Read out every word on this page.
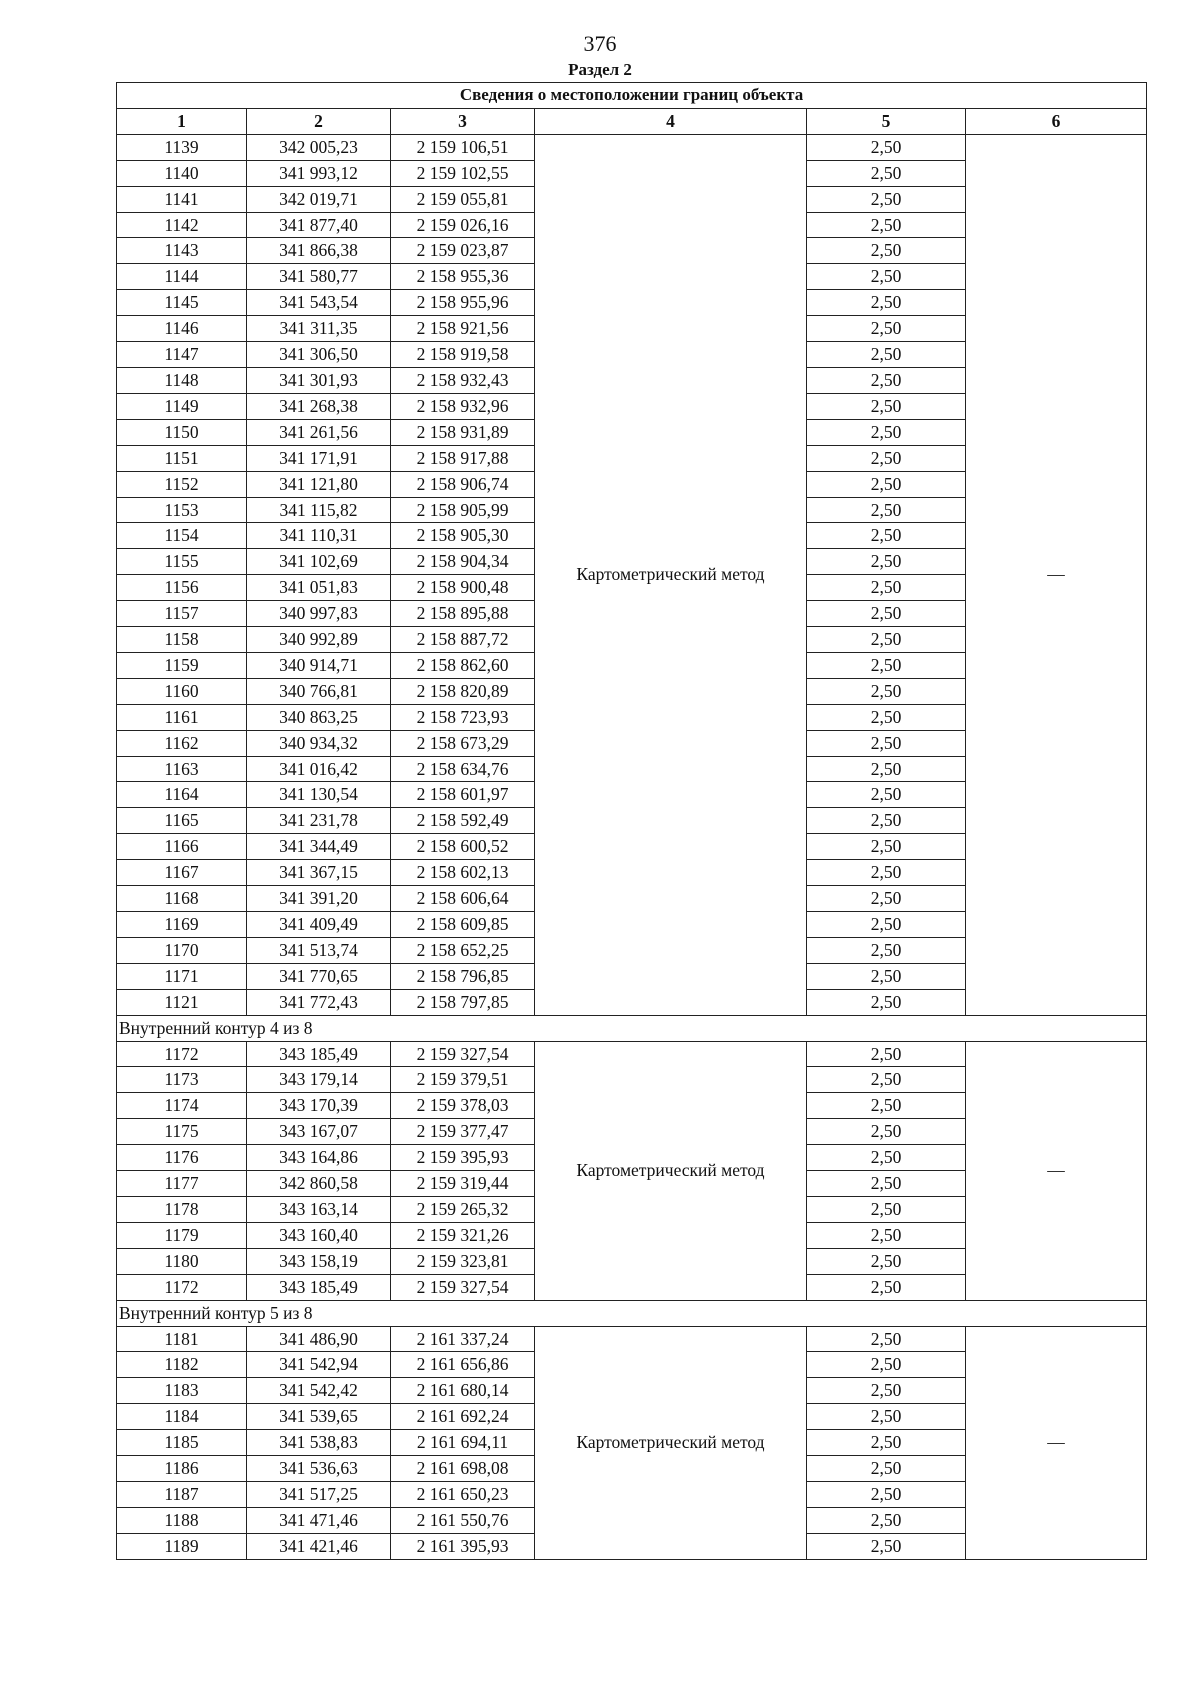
376
Раздел 2
Сведения о местоположении границ объекта					
1	2	3	4	5	6
1139	342 005,23	2 159 106,51	Картометрический метод	2,50	—
1140	341 993,12	2 159 102,55		2,50	
1141	342 019,71	2 159 055,81		2,50	
1142	341 877,40	2 159 026,16		2,50	
1143	341 866,38	2 159 023,87		2,50	
1144	341 580,77	2 158 955,36		2,50	
1145	341 543,54	2 158 955,96		2,50	
1146	341 311,35	2 158 921,56		2,50	
1147	341 306,50	2 158 919,58		2,50	
1148	341 301,93	2 158 932,43		2,50	
1149	341 268,38	2 158 932,96		2,50	
1150	341 261,56	2 158 931,89		2,50	
1151	341 171,91	2 158 917,88		2,50	
1152	341 121,80	2 158 906,74		2,50	
1153	341 115,82	2 158 905,99		2,50	
1154	341 110,31	2 158 905,30		2,50	
1155	341 102,69	2 158 904,34		2,50	
1156	341 051,83	2 158 900,48		2,50	
1157	340 997,83	2 158 895,88		2,50	
1158	340 992,89	2 158 887,72		2,50	
1159	340 914,71	2 158 862,60		2,50	
1160	340 766,81	2 158 820,89		2,50	
1161	340 863,25	2 158 723,93		2,50	
1162	340 934,32	2 158 673,29		2,50	
1163	341 016,42	2 158 634,76		2,50	
1164	341 130,54	2 158 601,97		2,50	
1165	341 231,78	2 158 592,49		2,50	
1166	341 344,49	2 158 600,52		2,50	
1167	341 367,15	2 158 602,13		2,50	
1168	341 391,20	2 158 606,64		2,50	
1169	341 409,49	2 158 609,85		2,50	
1170	341 513,74	2 158 652,25		2,50	
1171	341 770,65	2 158 796,85		2,50	
1121	341 772,43	2 158 797,85		2,50	
Внутренний контур 4 из 8					
1172	343 185,49	2 159 327,54	Картометрический метод	2,50	—
1173	343 179,14	2 159 379,51		2,50	
1174	343 170,39	2 159 378,03		2,50	
1175	343 167,07	2 159 377,47		2,50	
1176	343 164,86	2 159 395,93		2,50	
1177	342 860,58	2 159 319,44		2,50	
1178	343 163,14	2 159 265,32		2,50	
1179	343 160,40	2 159 321,26		2,50	
1180	343 158,19	2 159 323,81		2,50	
1172	343 185,49	2 159 327,54		2,50	
Внутренний контур 5 из 8					
1181	341 486,90	2 161 337,24	Картометрический метод	2,50	—
1182	341 542,94	2 161 656,86		2,50	
1183	341 542,42	2 161 680,14		2,50	
1184	341 539,65	2 161 692,24		2,50	
1185	341 538,83	2 161 694,11		2,50	
1186	341 536,63	2 161 698,08		2,50	
1187	341 517,25	2 161 650,23		2,50	
1188	341 471,46	2 161 550,76		2,50	
1189	341 421,46	2 161 395,93		2,50	
